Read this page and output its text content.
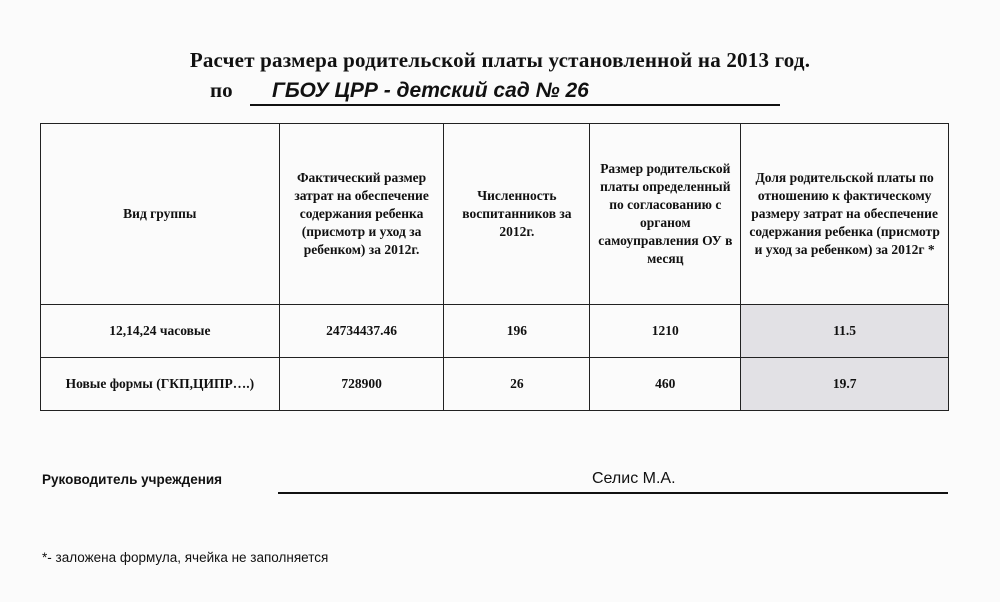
Расчет размера родительской платы установленной на 2013 год.
по ГБОУ ЦРР - детский сад № 26
Вид группы	Фактический размер затрат на обеспечение содержания ребенка (присмотр и уход за ребенком) за 2012г.	Численность воспитанников за 2012г.	Размер родительской платы определенный по согласованию с органом самоуправления ОУ в месяц	Доля родительской платы по отношению к фактическому размеру затрат на обеспечение содержания ребенка (присмотр и уход за ребенком) за 2012г *
12,14,24 часовые	24734437.46	196	1210	11.5
Новые формы (ГКП,ЦИПР….)	728900	26	460	19.7
Руководитель учреждения	Селис М.А.
*- заложена формула, ячейка не заполняется
